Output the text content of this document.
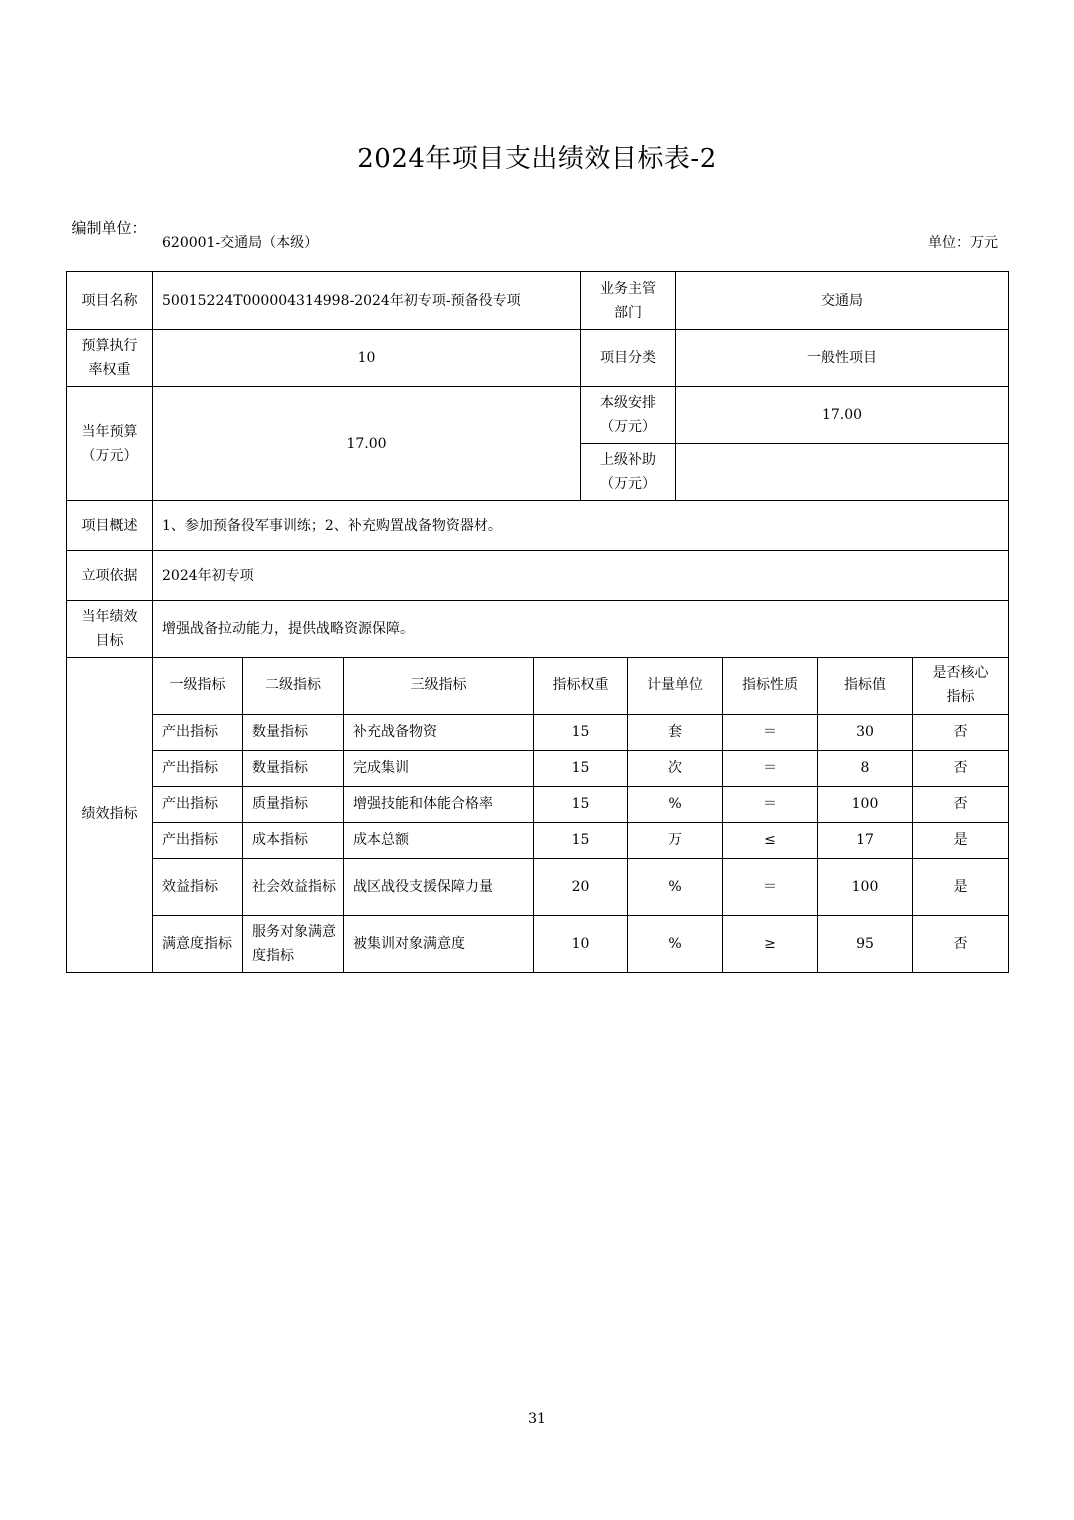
2024年项目支出绩效目标表-2
编制单位：
620001-交通局（本级）	单位：万元
项目名称	50015224T000004314998-2024年初专项-预备役专项	业务主管部门	交通局
预算执行率权重	10	项目分类	一般性项目
当年预算（万元）	17.00	本级安排（万元）	17.00
		上级补助（万元）	
项目概述	1、参加预备役军事训练；2、补充购置战备物资器材。		
立项依据	2024年初专项		
当年绩效目标	增强战备拉动能力，提供战略资源保障。		
绩效指标	一级指标	二级指标	三级指标	指标权重	计量单位	指标性质	指标值	是否核心指标
	产出指标	数量指标	补充战备物资	15	套	＝	30	否
	产出指标	数量指标	完成集训	15	次	＝	8	否
	产出指标	质量指标	增强技能和体能合格率	15	%	＝	100	否
	产出指标	成本指标	成本总额	15	万	≤	17	是
	效益指标	社会效益指标	战区战役支援保障力量	20	%	＝	100	是

	满意度指标	服务对象满意度指标	被集训对象满意度	10	%	≥	95	否
31
